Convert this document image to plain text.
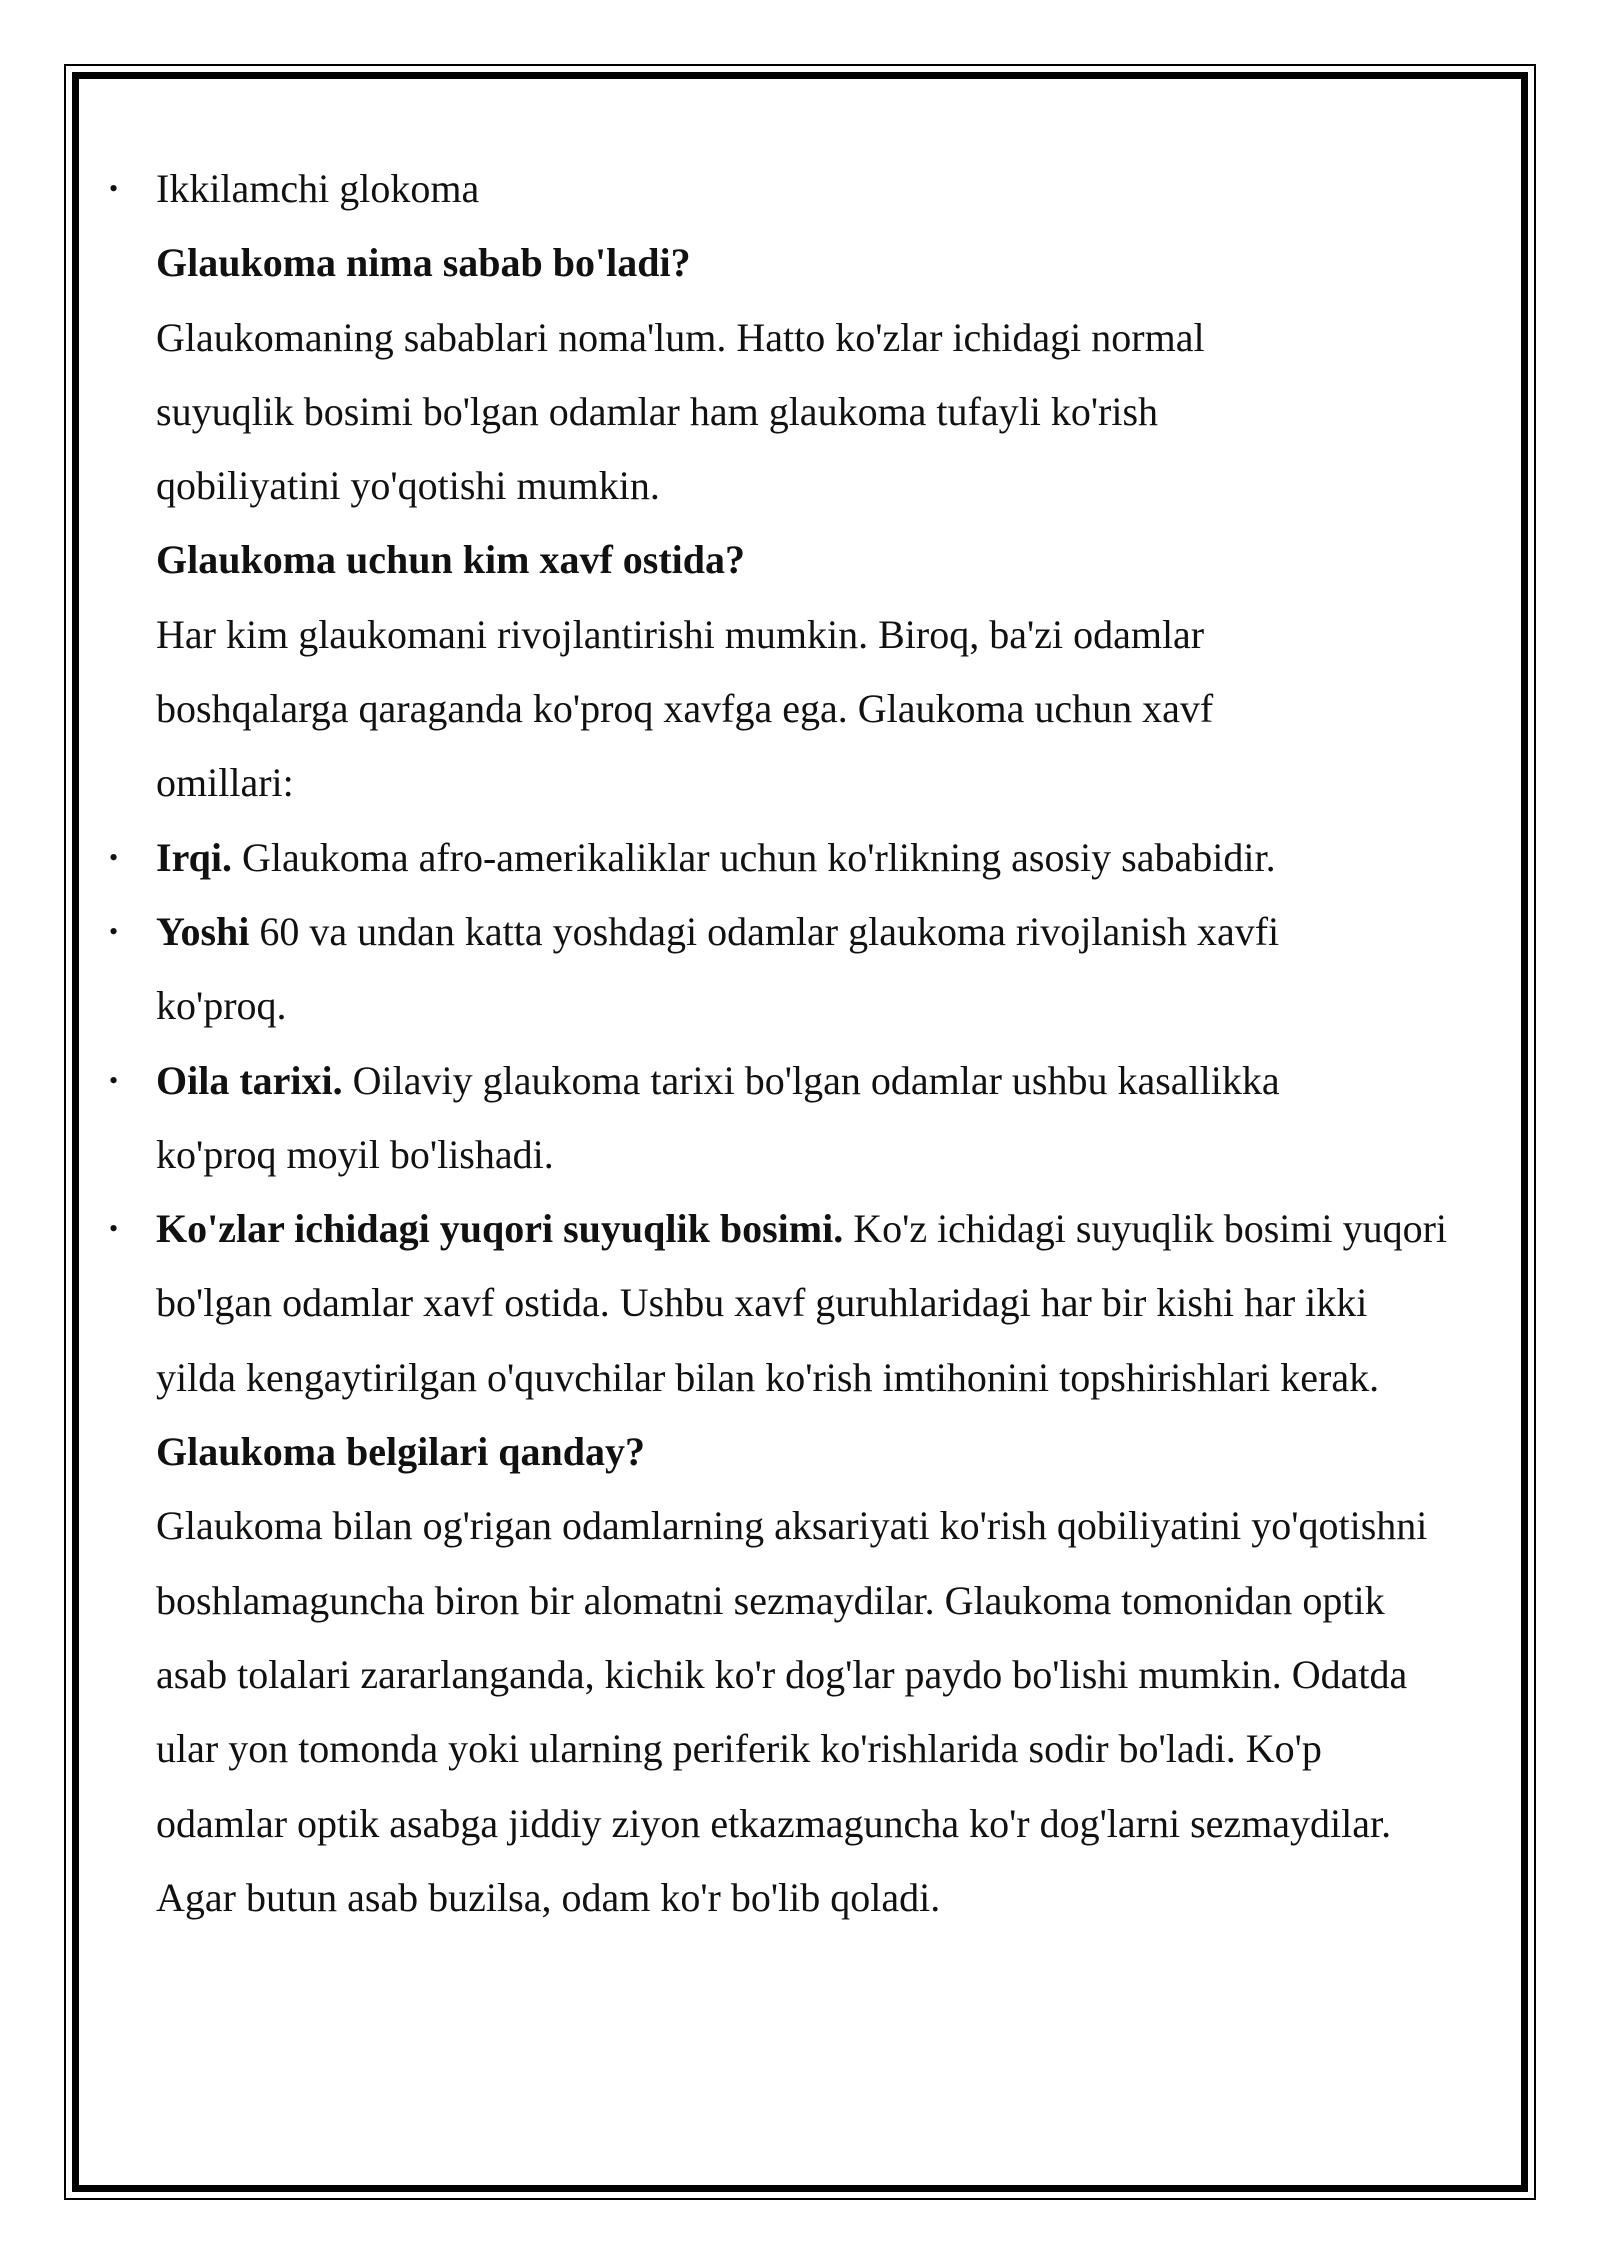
• Ikkilamchi glokoma
Glaukoma nima sabab bo'ladi?
Glaukomaning sabablari noma'lum. Hatto ko'zlar ichidagi normal suyuqlik bosimi bo'lgan odamlar ham glaukoma tufayli ko'rish qobiliyatini yo'qotishi mumkin.
Glaukoma uchun kim xavf ostida?
Har kim glaukomani rivojlantirishi mumkin. Biroq, ba'zi odamlar boshqalarga qaraganda ko'proq xavfga ega. Glaukoma uchun xavf omillari:
• Irqi. Glaukoma afro-amerikaliklar uchun ko'rlikning asosiy sababidir.
• Yoshi 60 va undan katta yoshdagi odamlar glaukoma rivojlanish xavfi ko'proq.
• Oila tarixi. Oilaviy glaukoma tarixi bo'lgan odamlar ushbu kasallikka ko'proq moyil bo'lishadi.
• Ko'zlar ichidagi yuqori suyuqlik bosimi. Ko'z ichidagi suyuqlik bosimi yuqori bo'lgan odamlar xavf ostida. Ushbu xavf guruhlaridagi har bir kishi har ikki yilda kengaytirilgan o'quvchilar bilan ko'rish imtihonini topshirishlari kerak.
Glaukoma belgilari qanday?
Glaukoma bilan og'rigan odamlarning aksariyati ko'rish qobiliyatini yo'qotishni boshlamaguncha biron bir alomatni sezmaydilar. Glaukoma tomonidan optik asab tolalari zararlanganda, kichik ko'r dog'lar paydo bo'lishi mumkin. Odatda ular yon tomonda yoki ularning periferik ko'rishlarida sodir bo'ladi. Ko'p odamlar optik asabga jiddiy ziyon etkazmaguncha ko'r dog'larni sezmaydilar. Agar butun asab buzilsa, odam ko'r bo'lib qoladi.
